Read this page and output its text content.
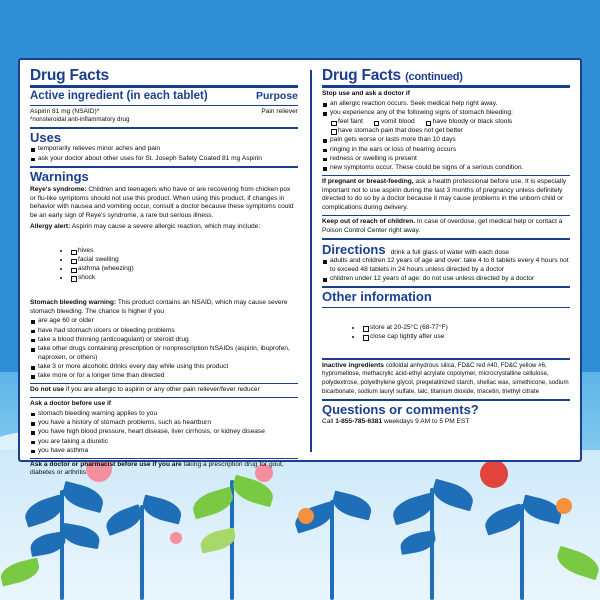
Drug Facts
Active ingredient (in each tablet)	Purpose
Aspirin 81 mg (NSAID)*	Pain reliever
*nonsteroidal anti-inflammatory drug
Uses
temporarily relieves minor aches and pain
ask your doctor about other uses for St. Joseph Safety Coated 81 mg Aspirin
Warnings
Reye's syndrome: Children and teenagers who have or are recovering from chicken pox or flu-like symptoms should not use this product. When using this product, if changes in behavior with nausea and vomiting occur, consult a doctor because these symptoms could be an early sign of Reye's syndrome, a rare but serious illness.
Allergy alert: Aspirin may cause a severe allergic reaction, which may include:
• hives
• facial swelling
• asthma (wheezing)
• shock
Stomach bleeding warning: This product contains an NSAID, which may cause severe stomach bleeding. The chance is higher if you
are age 60 or older
have had stomach ulcers or bleeding problems
take a blood thinning (anticoagulant) or steroid drug
take other drugs containing prescription or nonprescription NSAIDs (aspirin, ibuprofen, naproxen, or others)
take 3 or more alcoholic drinks every day while using this product
take more or for a longer time than directed
Do not use if you are allergic to aspirin or any other pain reliever/fever reducer
Ask a doctor before use if
stomach bleeding warning applies to you
you have a history of stomach problems, such as heartburn
you have high blood pressure, heart disease, liver cirrhosis, or kidney disease
you are taking a diuretic
you have asthma
Ask a doctor or pharmacist before use if you are taking a prescription drug for gout, diabetes or arthritis
Drug Facts (continued)
Stop use and ask a doctor if
an allergic reaction occurs. Seek medical help right away.
you experience any of the following signs of stomach bleeding:
feel faint	vomit blood	have bloody or black stools
have stomach pain that does not get better
pain gets worse or lasts more than 10 days
ringing in the ears or loss of hearing occurs
redness or swelling is present
new symptoms occur. These could be signs of a serious condition.
If pregnant or breast-feeding, ask a health professional before use. It is especially important not to use aspirin during the last 3 months of pregnancy unless definitely directed to do so by a doctor because it may cause problems in the unborn child or complications during delivery.
Keep out of reach of children. In case of overdose, get medical help or contact a Poison Control Center right away.
Directions drink a full glass of water with each dose
adults and children 12 years of age and over: take 4 to 8 tablets every 4 hours not to exceed 48 tablets in 24 hours unless directed by a doctor
children under 12 years of age: do not use unless directed by a doctor
Other information
• store at 20-25°C (68-77°F)
• close cap tightly after use
Inactive ingredients colloidal anhydrous silica, FD&C red #40, FD&C yellow #6, hypromellose, methacrylic acid-ethyl acrylate copolymer, microcrystalline cellulose, polydextrose, polyethylene glycol, pregelatinized starch, shellac wax, simethicone, sodium bicarbonate, sodium lauryl sulfate, talc, titanium dioxide, triacetin, triethyl citrate
Questions or comments?
Call 1-855-785-6381 weekdays 9 AM to 5 PM EST
